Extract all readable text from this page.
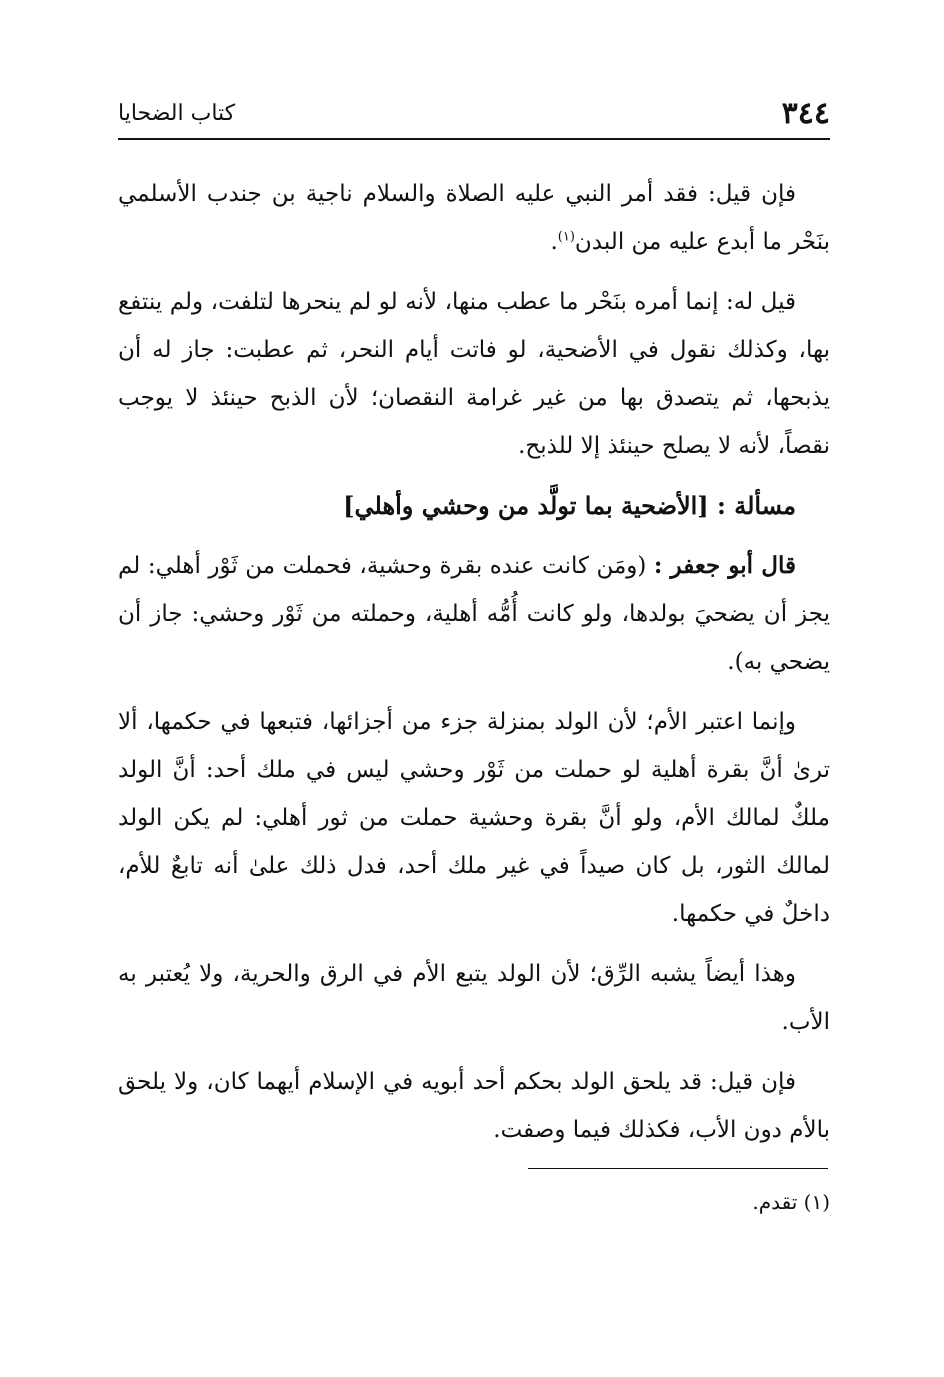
٣٤٤
كتاب الضحايا

فإن قيل: فقد أمر النبي عليه الصلاة والسلام ناجية بن جندب الأسلمي بنَحْر ما أبدع عليه من البدن$^{(١)}$.

قيل له: إنما أمره بنَحْر ما عطب منها، لأنه لو لم ينحرها لتلفت، ولم ينتفع بها، وكذلك نقول في الأضحية، لو فاتت أيام النحر، ثم عطبت: جاز له أن يذبحها، ثم يتصدق بها من غير غرامة النقصان؛ لأن الذبح حينئذ لا يوجب نقصاً، لأنه لا يصلح حينئذ إلا للذبح.

مسألة : [الأضحية بما تولَّد من وحشي وأهلي]

قال أبو جعفر : (ومَن كانت عنده بقرة وحشية، فحملت من ثَوْر أهلي: لم يجز أن يضحيَ بولدها، ولو كانت أُمُّه أهلية، وحملته من ثَوْر وحشي: جاز أن يضحي به).

وإنما اعتبر الأم؛ لأن الولد بمنزلة جزء من أجزائها، فتبعها في حكمها، ألا ترىٰ أنَّ بقرة أهلية لو حملت من ثَوْر وحشي ليس في ملك أحد: أنَّ الولد ملكٌ لمالك الأم، ولو أنَّ بقرة وحشية حملت من ثور أهلي: لم يكن الولد لمالك الثور، بل كان صيداً في غير ملك أحد، فدل ذلك علىٰ أنه تابعٌ للأم، داخلٌ في حكمها.

وهذا أيضاً يشبه الرِّق؛ لأن الولد يتبع الأم في الرق والحرية، ولا يُعتبر به الأب.

فإن قيل: قد يلحق الولد بحكم أحد أبويه في الإسلام أيهما كان، ولا يلحق بالأم دون الأب، فكذلك فيما وصفت.

(١) تقدم.
